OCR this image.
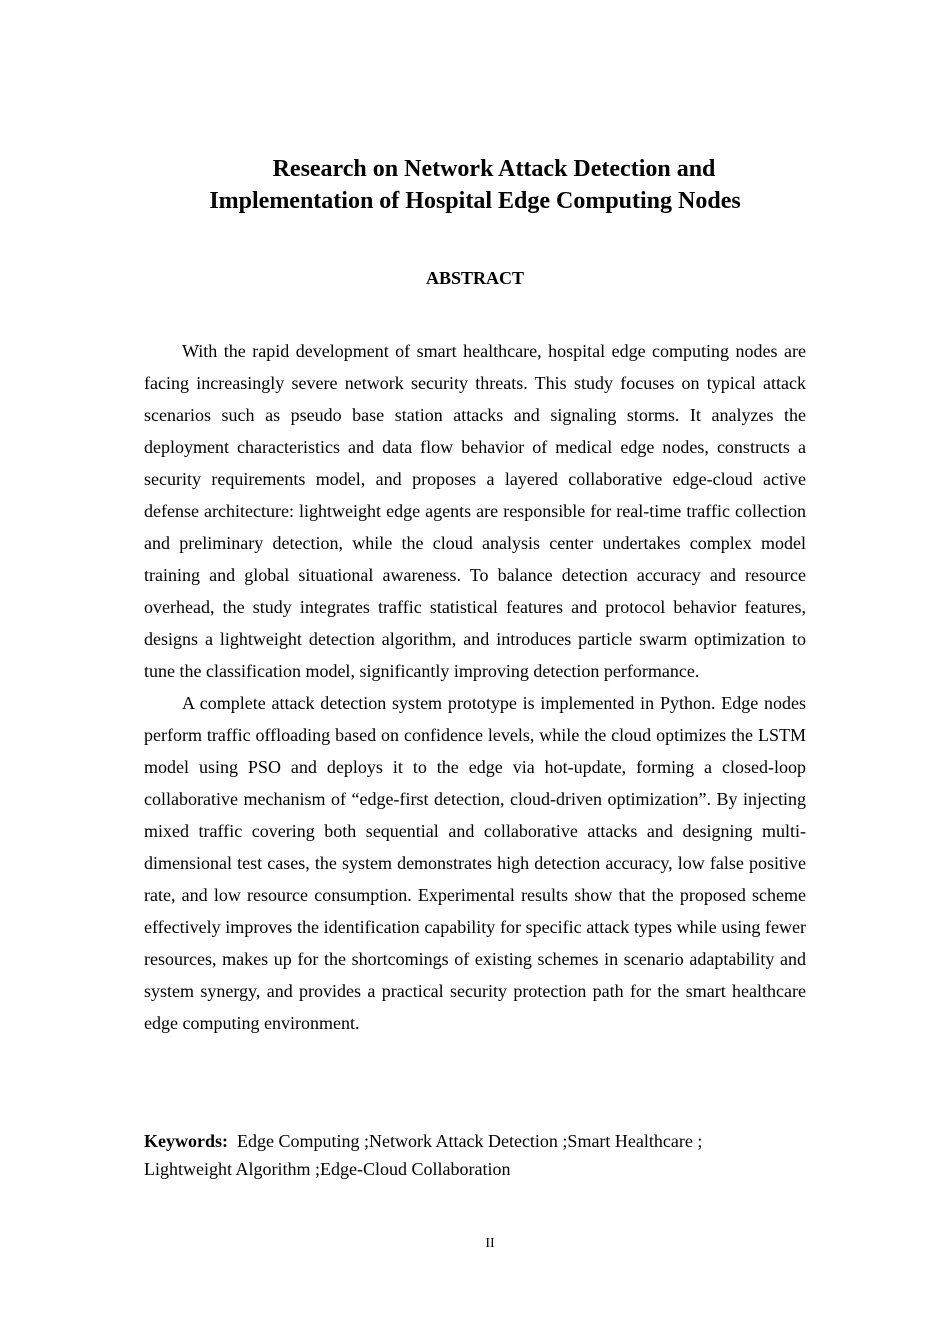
Research on Network Attack Detection and
Implementation of Hospital Edge Computing Nodes
ABSTRACT

With the rapid development of smart healthcare, hospital edge computing nodes are facing increasingly severe network security threats. This study focuses on typical attack scenarios such as pseudo base station attacks and signaling storms. It analyzes the deployment characteristics and data flow behavior of medical edge nodes, constructs a security requirements model, and proposes a layered collaborative edge-cloud active defense architecture: lightweight edge agents are responsible for real-time traffic collection and preliminary detection, while the cloud analysis center undertakes complex model training and global situational awareness. To balance detection accuracy and resource overhead, the study integrates traffic statistical features and protocol behavior features, designs a lightweight detection algorithm, and introduces particle swarm optimization to tune the classification model, significantly improving detection performance.

A complete attack detection system prototype is implemented in Python. Edge nodes perform traffic offloading based on confidence levels, while the cloud optimizes the LSTM model using PSO and deploys it to the edge via hot-update, forming a closed-loop collaborative mechanism of “edge-first detection, cloud-driven optimization”. By injecting mixed traffic covering both sequential and collaborative attacks and designing multi-dimensional test cases, the system demonstrates high detection accuracy, low false positive rate, and low resource consumption. Experimental results show that the proposed scheme effectively improves the identification capability for specific attack types while using fewer resources, makes up for the shortcomings of existing schemes in scenario adaptability and system synergy, and provides a practical security protection path for the smart healthcare edge computing environment.

Keywords: Edge Computing ;Network Attack Detection ;Smart Healthcare ;
Lightweight Algorithm ;Edge-Cloud Collaboration
II
